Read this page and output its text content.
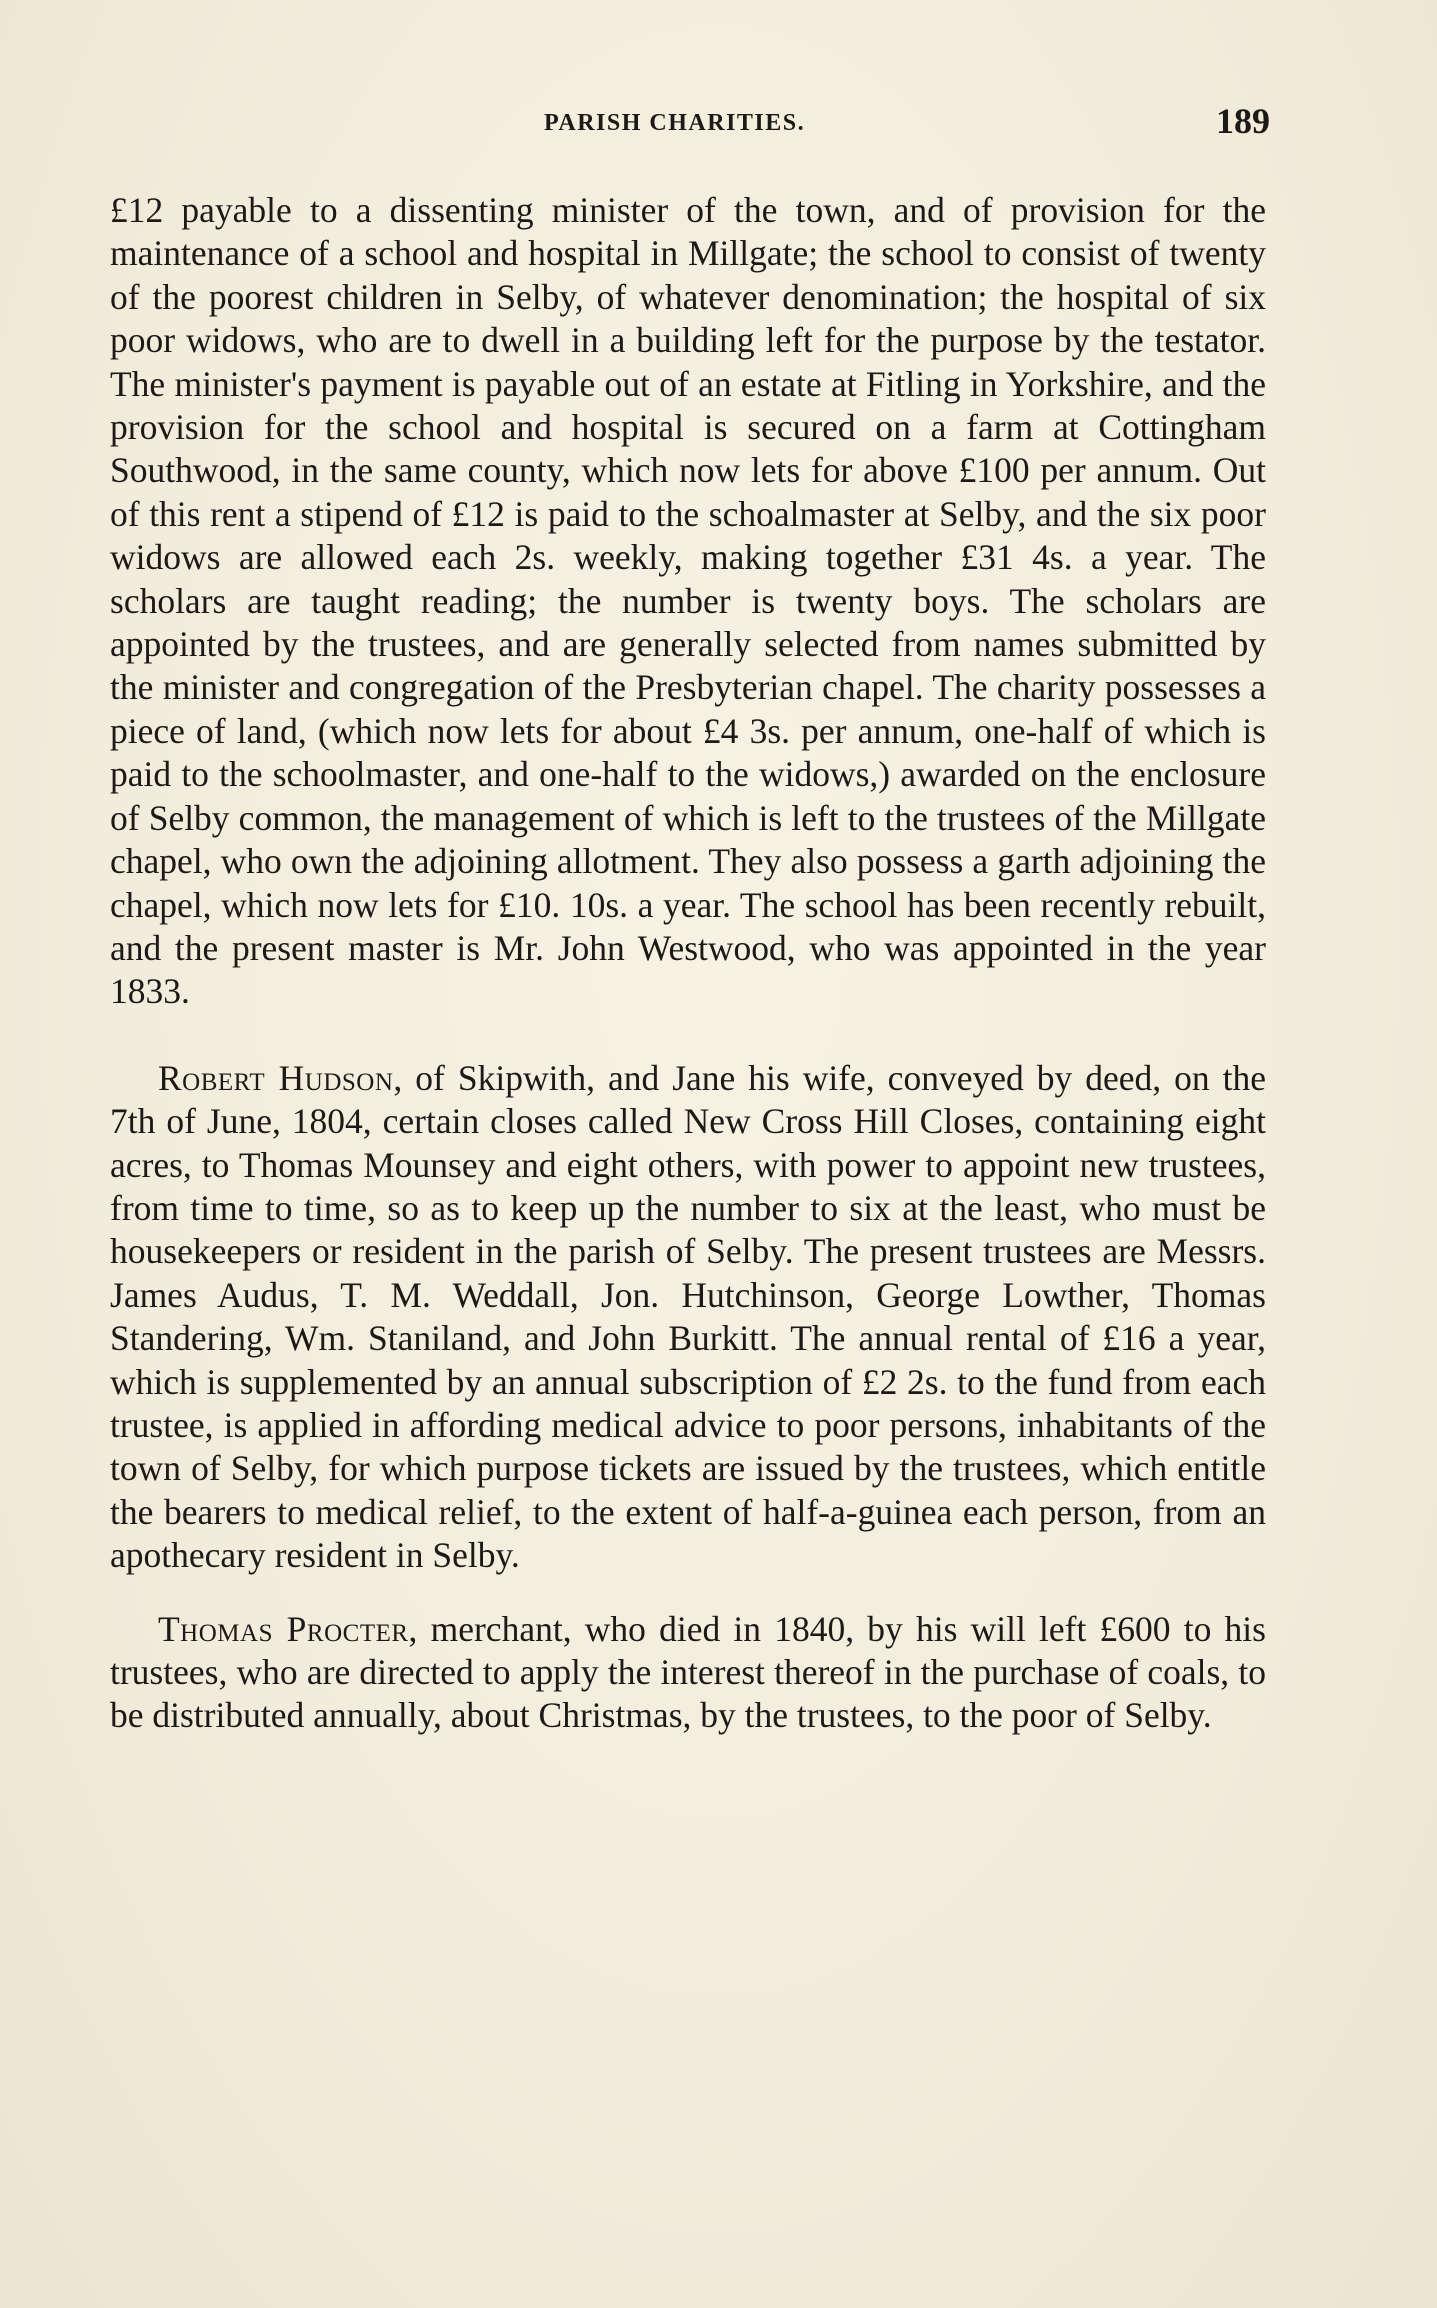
PARISH CHARITIES.	189

£12 payable to a dissenting minister of the town, and of provision for the maintenance of a school and hospital in Millgate; the school to consist of twenty of the poorest children in Selby, of whatever denomination; the hospital of six poor widows, who are to dwell in a building left for the purpose by the testator. The minister's payment is payable out of an estate at Fitling in Yorkshire, and the provision for the school and hospital is secured on a farm at Cottingham Southwood, in the same county, which now lets for above £100 per annum. Out of this rent a stipend of £12 is paid to the schoalmaster at Selby, and the six poor widows are allowed each 2s. weekly, making together £31 4s. a year. The scholars are taught reading; the number is twenty boys. The scholars are appointed by the trustees, and are generally selected from names submitted by the minister and congregation of the Presbyterian chapel. The charity possesses a piece of land, (which now lets for about £4 3s. per annum, one-half of which is paid to the schoolmaster, and one-half to the widows,) awarded on the enclosure of Selby common, the management of which is left to the trustees of the Millgate chapel, who own the adjoining allotment. They also possess a garth adjoining the chapel, which now lets for £10. 10s. a year. The school has been recently rebuilt, and the present master is Mr. John Westwood, who was appointed in the year 1833.

Robert Hudson, of Skipwith, and Jane his wife, conveyed by deed, on the 7th of June, 1804, certain closes called New Cross Hill Closes, containing eight acres, to Thomas Mounsey and eight others, with power to appoint new trustees, from time to time, so as to keep up the number to six at the least, who must be housekeepers or resident in the parish of Selby. The present trustees are Messrs. James Audus, T. M. Weddall, Jon. Hutchinson, George Lowther, Thomas Standering, Wm. Staniland, and John Burkitt. The annual rental of £16 a year, which is supplemented by an annual subscription of £2 2s. to the fund from each trustee, is applied in affording medical advice to poor persons, inhabitants of the town of Selby, for which purpose tickets are issued by the trustees, which entitle the bearers to medical relief, to the extent of half-a-guinea each person, from an apothecary resident in Selby.

Thomas Procter, merchant, who died in 1840, by his will left £600 to his trustees, who are directed to apply the interest thereof in the purchase of coals, to be distributed annually, about Christmas, by the trustees, to the poor of Selby.
